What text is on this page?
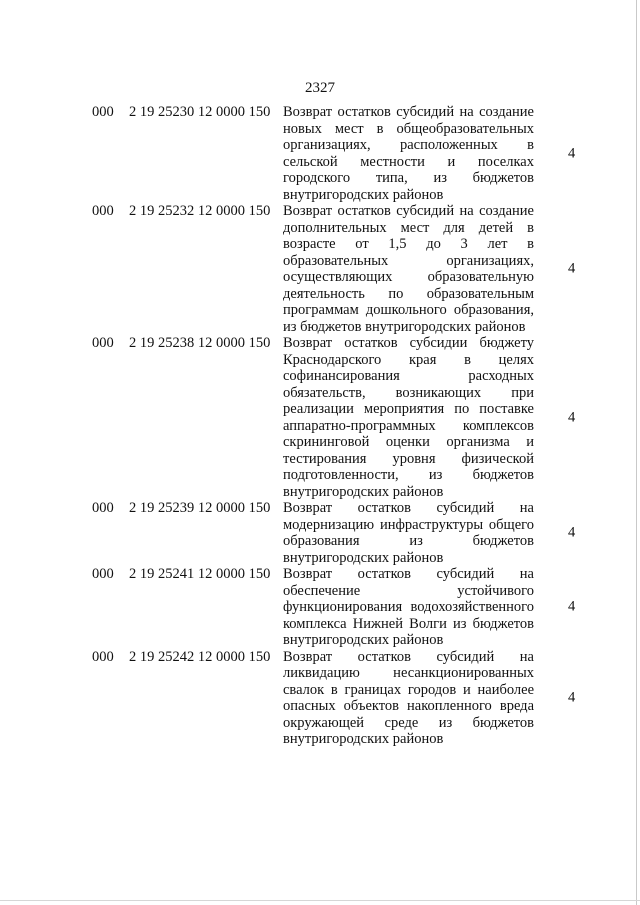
2327
000 2 19 25230 12 0000 150 Возврат остатков субсидий на создание
новых мест в общеобразовательных
организациях, расположенных в
сельской местности и поселках
городского типа, из бюджетов
внутригородских районов
4
000 2 19 25232 12 0000 150 Возврат остатков субсидий на создание
дополнительных мест для детей в
возрасте от 1,5 до 3 лет в
образовательных организациях,
осуществляющих образовательную
деятельность по образовательным
программам дошкольного образования,
из бюджетов внутригородских районов
4
000 2 19 25238 12 0000 150 Возврат остатков субсидии бюджету
Краснодарского края в целях
софинансирования расходных
обязательств, возникающих при
реализации мероприятия по поставке
аппаратно-программных комплексов
скрининговой оценки организма и
тестирования уровня физической
подготовленности, из бюджетов
внутригородских районов
4
000 2 19 25239 12 0000 150 Возврат остатков субсидий на
модернизацию инфраструктуры общего
образования из бюджетов
внутригородских районов
4
000 2 19 25241 12 0000 150 Возврат остатков субсидий на
обеспечение устойчивого
функционирования водохозяйственного
комплекса Нижней Волги из бюджетов
внутригородских районов
4
000 2 19 25242 12 0000 150 Возврат остатков субсидий на
ликвидацию несанкционированных
свалок в границах городов и наиболее
опасных объектов накопленного вреда
окружающей среде из бюджетов
внутригородских районов
4
